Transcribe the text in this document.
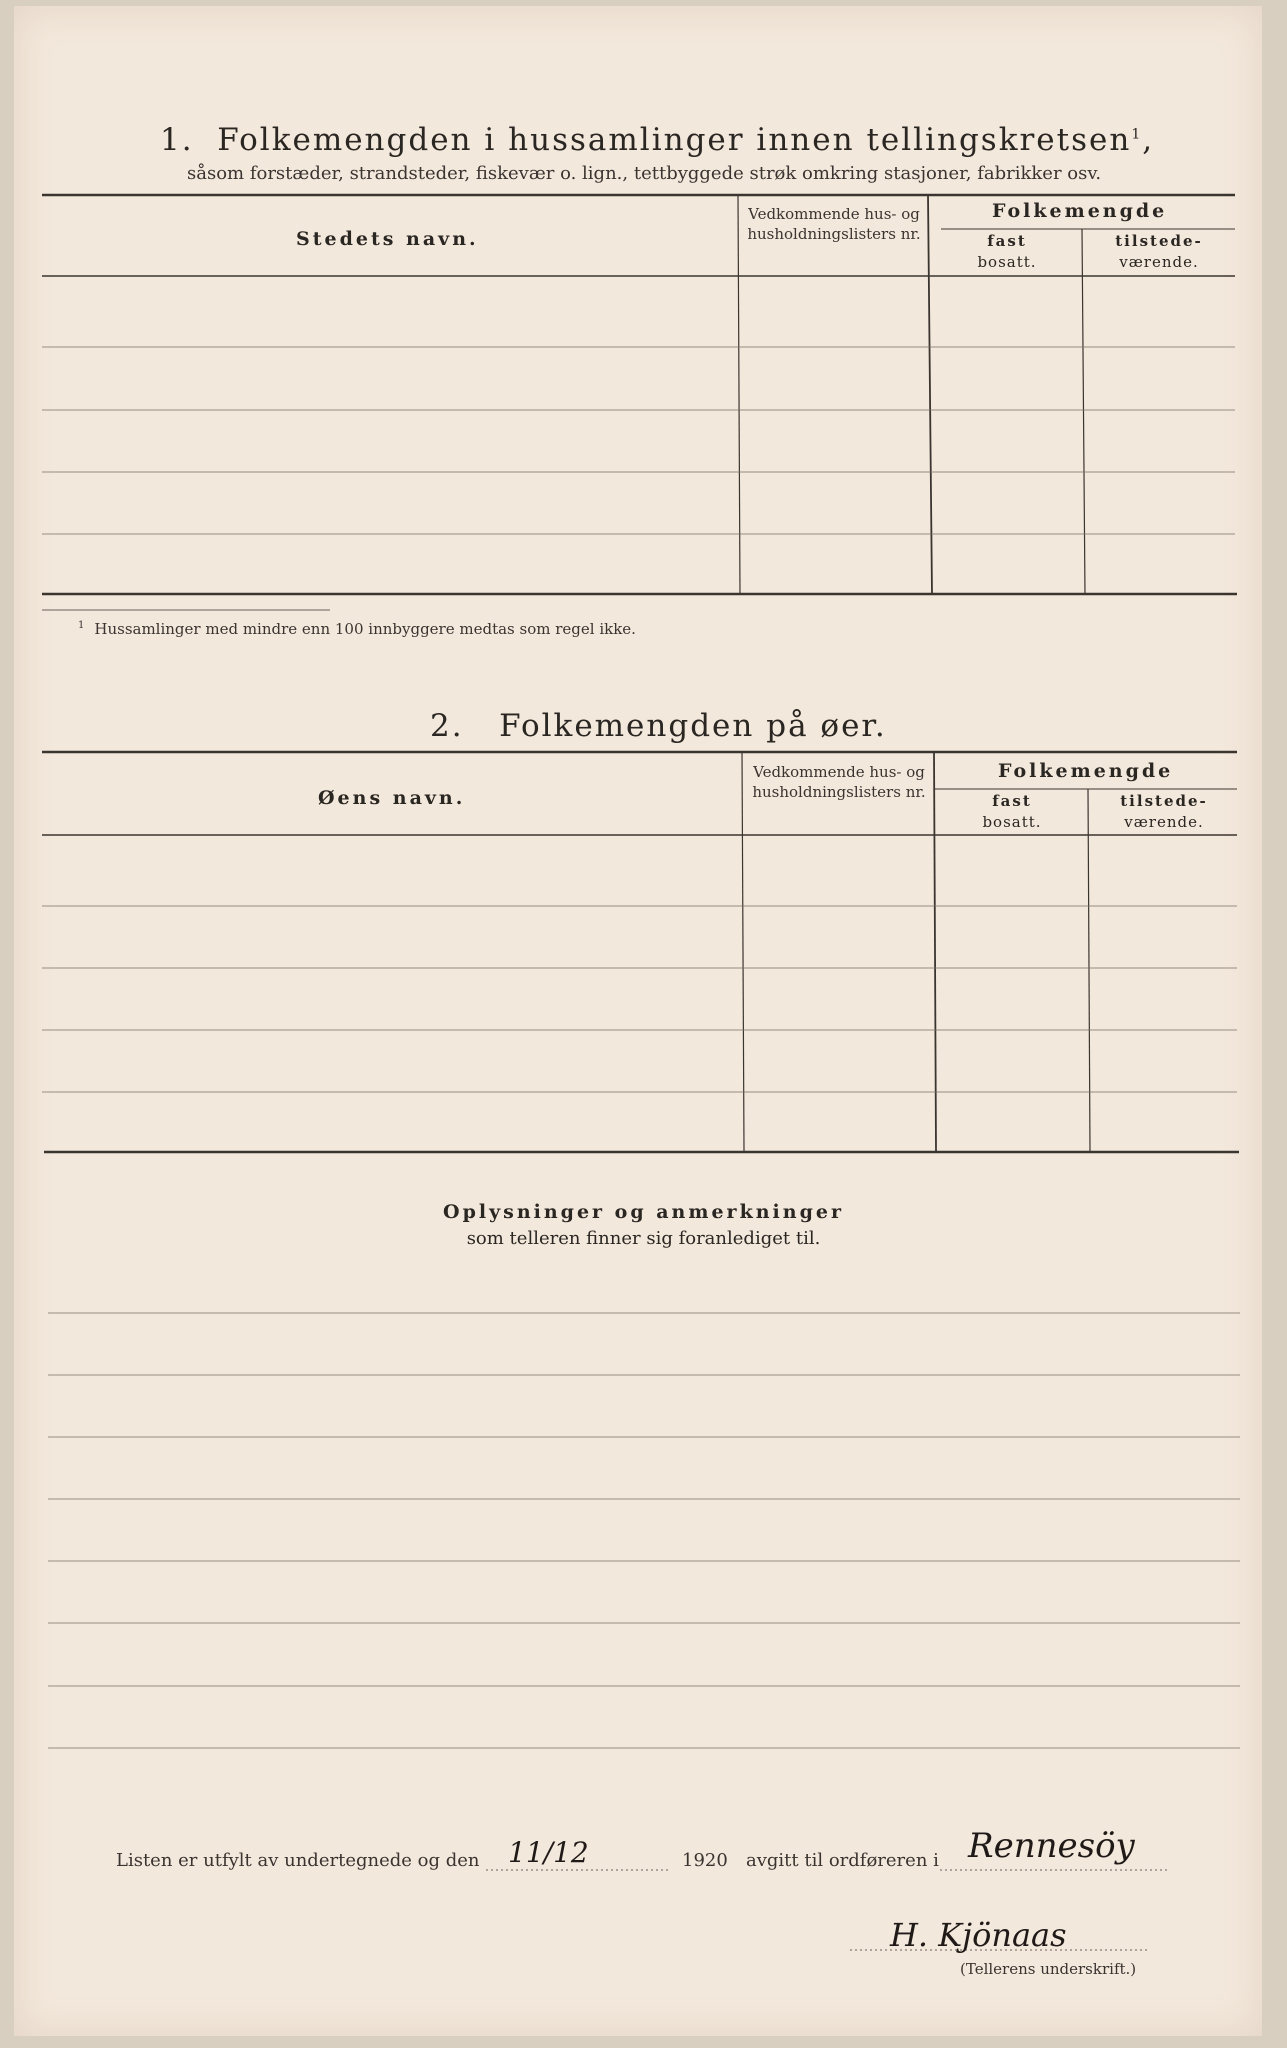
1. Folkemengden i hussamlinger innen tellingskretsen$^1$,
såsom forstæder, strandsteder, fiskevær o. lign., tettbyggede strøk omkring stasjoner, fabrikker osv.
Stedets navn.
Vedkommende hus- og husholdningslisters nr.
Folkemengde
fast
bosatt.
tilstede-
værende.
$^1$ Hussamlinger med mindre enn 100 innbyggere medtas som regel ikke.
2. Folkemengden på øer.
Øens navn.
Vedkommende hus- og husholdningslisters nr.
Folkemengde
fast
bosatt.
tilstede-
værende.
Oplysninger og anmerkninger
som telleren finner sig foranlediget til.
Listen er utfylt av undertegnede og den 11/12	1920 avgitt til ordføreren i Rennesöy
H. Kjönaas
(Tellerens underskrift.)
